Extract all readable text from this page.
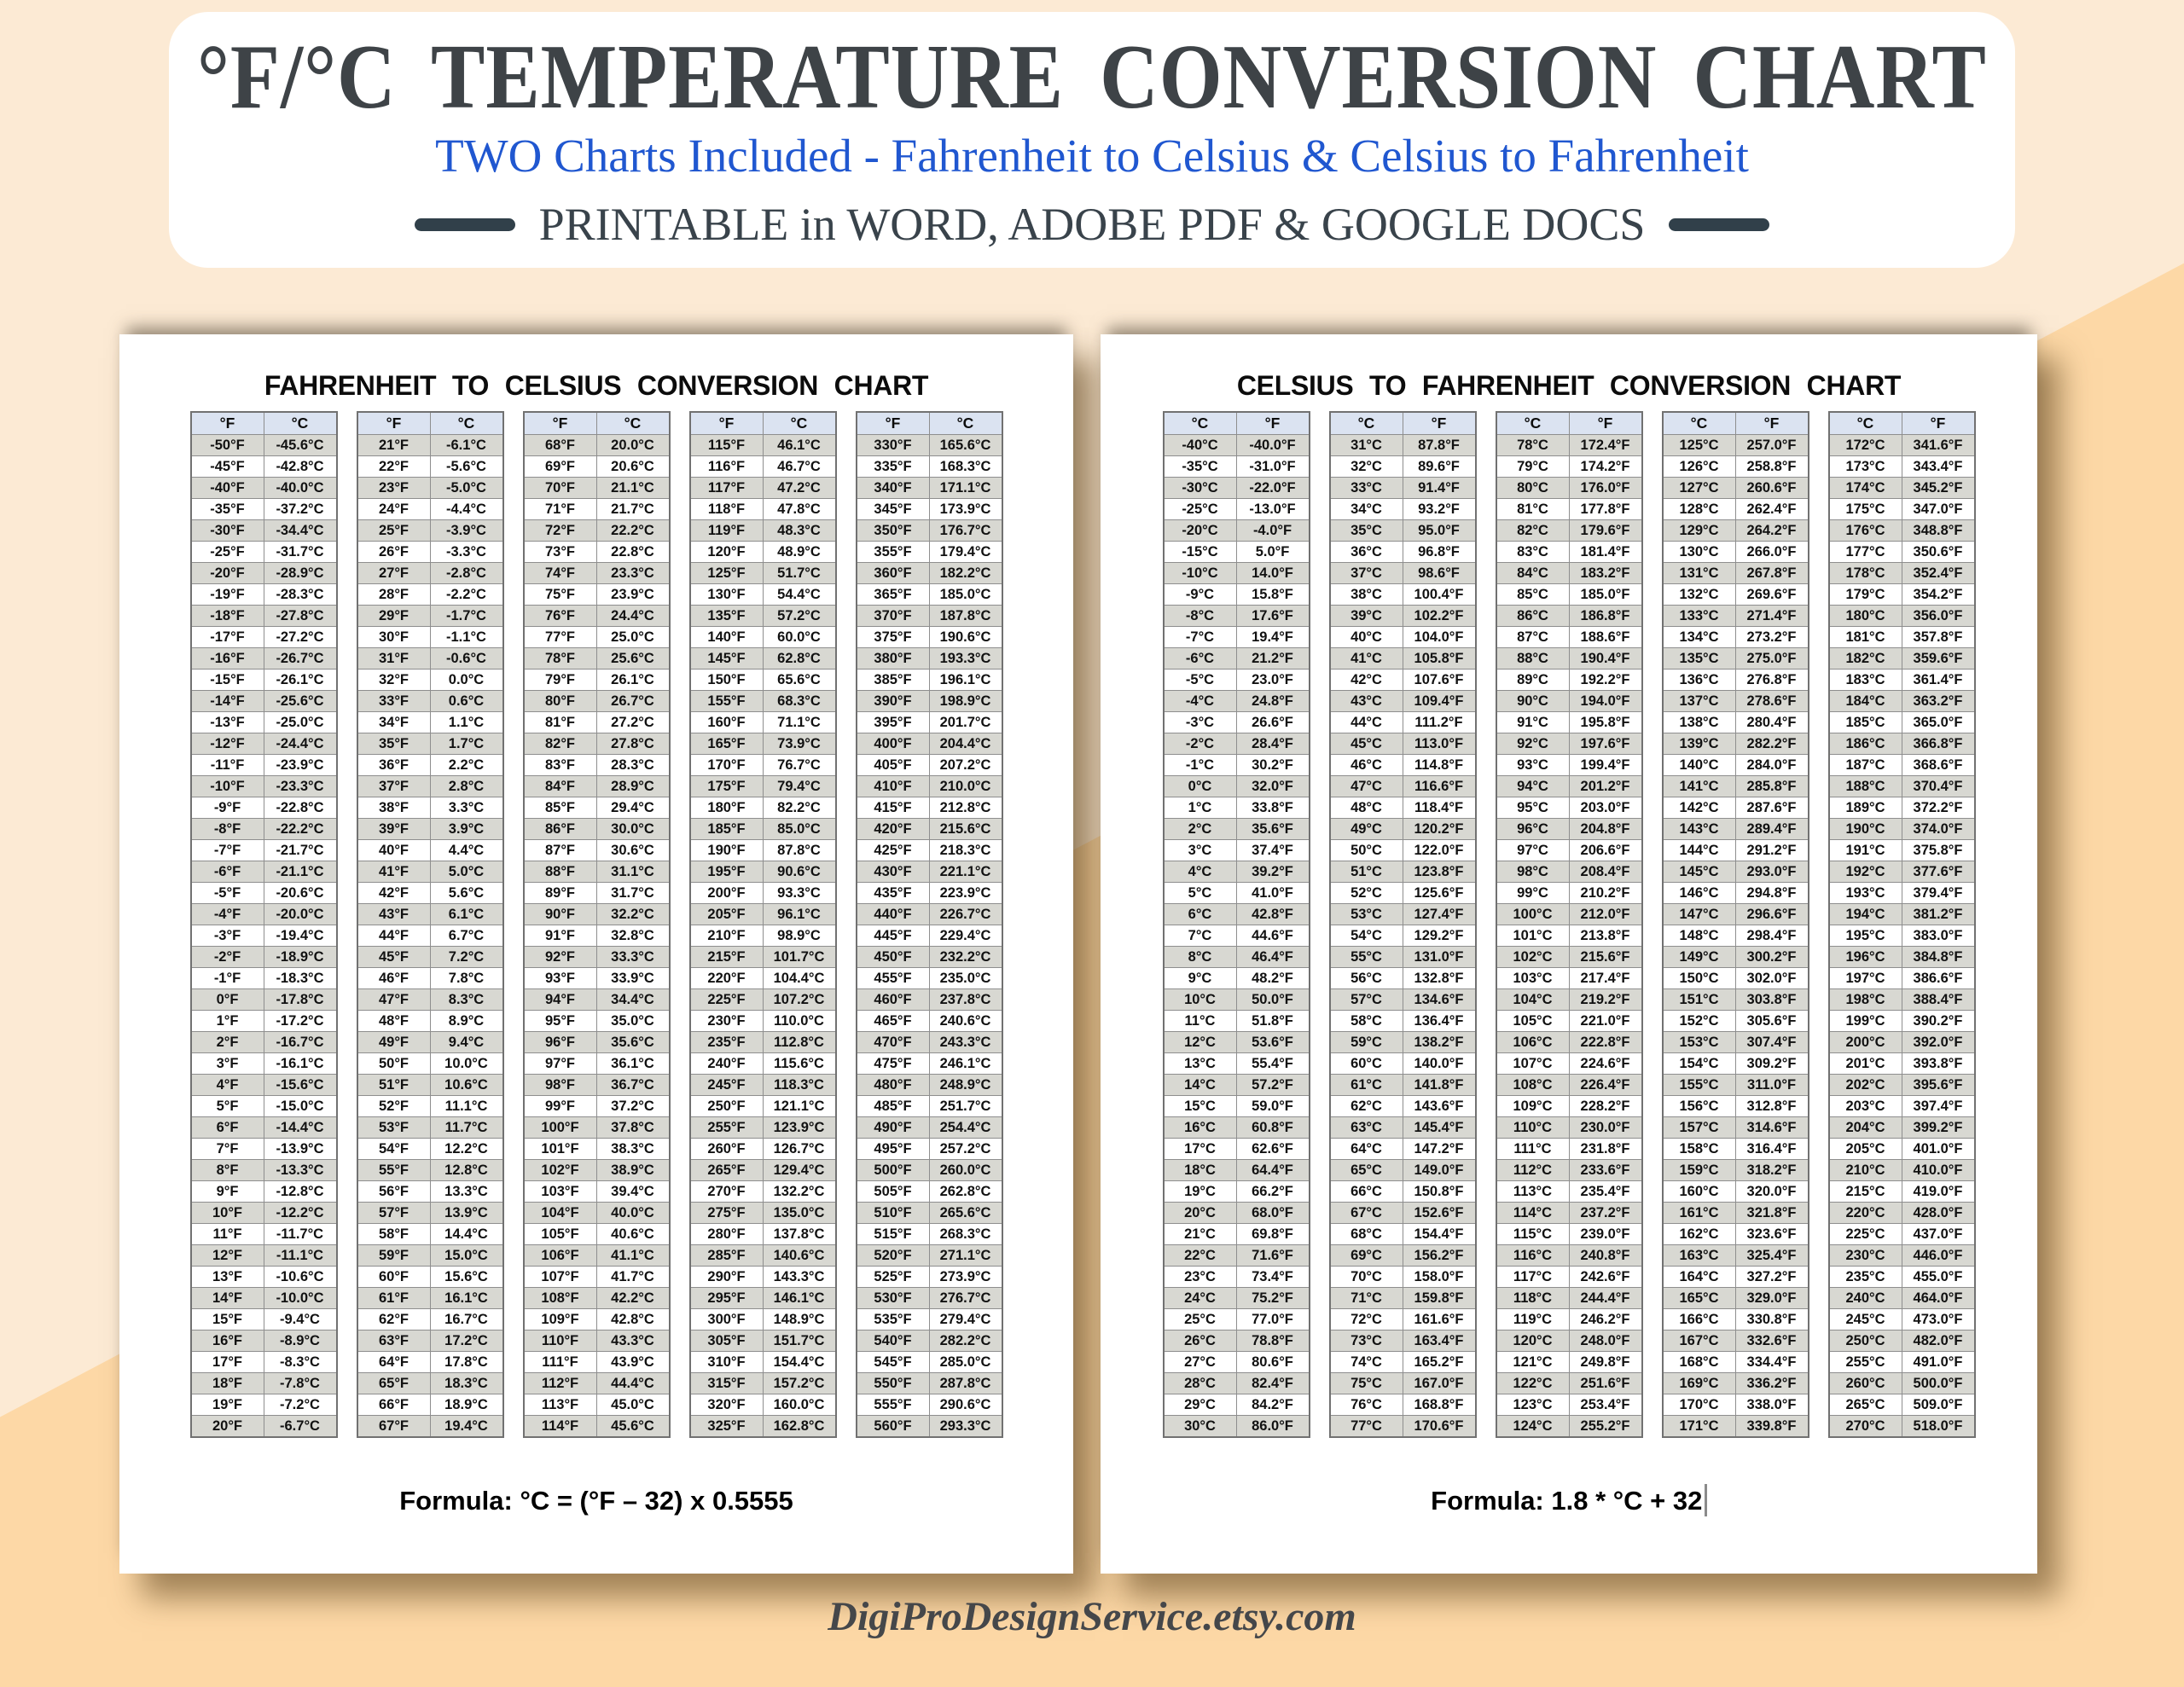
°F/°C TEMPERATURE CONVERSION CHART
TWO Charts Included - Fahrenheit to Celsius & Celsius to Fahrenheit
PRINTABLE in WORD, ADOBE PDF & GOOGLE DOCS
FAHRENHEIT TO CELSIUS CONVERSION CHART
°F	°C
-50°F	-45.6°C
-45°F	-42.8°C
-40°F	-40.0°C
-35°F	-37.2°C
-30°F	-34.4°C
-25°F	-31.7°C
-20°F	-28.9°C
-19°F	-28.3°C
-18°F	-27.8°C
-17°F	-27.2°C
-16°F	-26.7°C
-15°F	-26.1°C
-14°F	-25.6°C
-13°F	-25.0°C
-12°F	-24.4°C
-11°F	-23.9°C
-10°F	-23.3°C
-9°F	-22.8°C
-8°F	-22.2°C
-7°F	-21.7°C
-6°F	-21.1°C
-5°F	-20.6°C
-4°F	-20.0°C
-3°F	-19.4°C
-2°F	-18.9°C
-1°F	-18.3°C
0°F	-17.8°C
1°F	-17.2°C
2°F	-16.7°C
3°F	-16.1°C
4°F	-15.6°C
5°F	-15.0°C
6°F	-14.4°C
7°F	-13.9°C
8°F	-13.3°C
9°F	-12.8°C
10°F	-12.2°C
11°F	-11.7°C
12°F	-11.1°C
13°F	-10.6°C
14°F	-10.0°C
15°F	-9.4°C
16°F	-8.9°C
17°F	-8.3°C
18°F	-7.8°C
19°F	-7.2°C
20°F	-6.7°C
°F	°C
21°F	-6.1°C
22°F	-5.6°C
23°F	-5.0°C
24°F	-4.4°C
25°F	-3.9°C
26°F	-3.3°C
27°F	-2.8°C
28°F	-2.2°C
29°F	-1.7°C
30°F	-1.1°C
31°F	-0.6°C
32°F	0.0°C
33°F	0.6°C
34°F	1.1°C
35°F	1.7°C
36°F	2.2°C
37°F	2.8°C
38°F	3.3°C
39°F	3.9°C
40°F	4.4°C
41°F	5.0°C
42°F	5.6°C
43°F	6.1°C
44°F	6.7°C
45°F	7.2°C
46°F	7.8°C
47°F	8.3°C
48°F	8.9°C
49°F	9.4°C
50°F	10.0°C
51°F	10.6°C
52°F	11.1°C
53°F	11.7°C
54°F	12.2°C
55°F	12.8°C
56°F	13.3°C
57°F	13.9°C
58°F	14.4°C
59°F	15.0°C
60°F	15.6°C
61°F	16.1°C
62°F	16.7°C
63°F	17.2°C
64°F	17.8°C
65°F	18.3°C
66°F	18.9°C
67°F	19.4°C
°F	°C
68°F	20.0°C
69°F	20.6°C
70°F	21.1°C
71°F	21.7°C
72°F	22.2°C
73°F	22.8°C
74°F	23.3°C
75°F	23.9°C
76°F	24.4°C
77°F	25.0°C
78°F	25.6°C
79°F	26.1°C
80°F	26.7°C
81°F	27.2°C
82°F	27.8°C
83°F	28.3°C
84°F	28.9°C
85°F	29.4°C
86°F	30.0°C
87°F	30.6°C
88°F	31.1°C
89°F	31.7°C
90°F	32.2°C
91°F	32.8°C
92°F	33.3°C
93°F	33.9°C
94°F	34.4°C
95°F	35.0°C
96°F	35.6°C
97°F	36.1°C
98°F	36.7°C
99°F	37.2°C
100°F	37.8°C
101°F	38.3°C
102°F	38.9°C
103°F	39.4°C
104°F	40.0°C
105°F	40.6°C
106°F	41.1°C
107°F	41.7°C
108°F	42.2°C
109°F	42.8°C
110°F	43.3°C
111°F	43.9°C
112°F	44.4°C
113°F	45.0°C
114°F	45.6°C
°F	°C
115°F	46.1°C
116°F	46.7°C
117°F	47.2°C
118°F	47.8°C
119°F	48.3°C
120°F	48.9°C
125°F	51.7°C
130°F	54.4°C
135°F	57.2°C
140°F	60.0°C
145°F	62.8°C
150°F	65.6°C
155°F	68.3°C
160°F	71.1°C
165°F	73.9°C
170°F	76.7°C
175°F	79.4°C
180°F	82.2°C
185°F	85.0°C
190°F	87.8°C
195°F	90.6°C
200°F	93.3°C
205°F	96.1°C
210°F	98.9°C
215°F	101.7°C
220°F	104.4°C
225°F	107.2°C
230°F	110.0°C
235°F	112.8°C
240°F	115.6°C
245°F	118.3°C
250°F	121.1°C
255°F	123.9°C
260°F	126.7°C
265°F	129.4°C
270°F	132.2°C
275°F	135.0°C
280°F	137.8°C
285°F	140.6°C
290°F	143.3°C
295°F	146.1°C
300°F	148.9°C
305°F	151.7°C
310°F	154.4°C
315°F	157.2°C
320°F	160.0°C
325°F	162.8°C
°F	°C
330°F	165.6°C
335°F	168.3°C
340°F	171.1°C
345°F	173.9°C
350°F	176.7°C
355°F	179.4°C
360°F	182.2°C
365°F	185.0°C
370°F	187.8°C
375°F	190.6°C
380°F	193.3°C
385°F	196.1°C
390°F	198.9°C
395°F	201.7°C
400°F	204.4°C
405°F	207.2°C
410°F	210.0°C
415°F	212.8°C
420°F	215.6°C
425°F	218.3°C
430°F	221.1°C
435°F	223.9°C
440°F	226.7°C
445°F	229.4°C
450°F	232.2°C
455°F	235.0°C
460°F	237.8°C
465°F	240.6°C
470°F	243.3°C
475°F	246.1°C
480°F	248.9°C
485°F	251.7°C
490°F	254.4°C
495°F	257.2°C
500°F	260.0°C
505°F	262.8°C
510°F	265.6°C
515°F	268.3°C
520°F	271.1°C
525°F	273.9°C
530°F	276.7°C
535°F	279.4°C
540°F	282.2°C
545°F	285.0°C
550°F	287.8°C
555°F	290.6°C
560°F	293.3°C
Formula: °C = (°F – 32) x 0.5555
CELSIUS TO FAHRENHEIT CONVERSION CHART
°C	°F
-40°C	-40.0°F
-35°C	-31.0°F
-30°C	-22.0°F
-25°C	-13.0°F
-20°C	-4.0°F
-15°C	5.0°F
-10°C	14.0°F
-9°C	15.8°F
-8°C	17.6°F
-7°C	19.4°F
-6°C	21.2°F
-5°C	23.0°F
-4°C	24.8°F
-3°C	26.6°F
-2°C	28.4°F
-1°C	30.2°F
0°C	32.0°F
1°C	33.8°F
2°C	35.6°F
3°C	37.4°F
4°C	39.2°F
5°C	41.0°F
6°C	42.8°F
7°C	44.6°F
8°C	46.4°F
9°C	48.2°F
10°C	50.0°F
11°C	51.8°F
12°C	53.6°F
13°C	55.4°F
14°C	57.2°F
15°C	59.0°F
16°C	60.8°F
17°C	62.6°F
18°C	64.4°F
19°C	66.2°F
20°C	68.0°F
21°C	69.8°F
22°C	71.6°F
23°C	73.4°F
24°C	75.2°F
25°C	77.0°F
26°C	78.8°F
27°C	80.6°F
28°C	82.4°F
29°C	84.2°F
30°C	86.0°F
°C	°F
31°C	87.8°F
32°C	89.6°F
33°C	91.4°F
34°C	93.2°F
35°C	95.0°F
36°C	96.8°F
37°C	98.6°F
38°C	100.4°F
39°C	102.2°F
40°C	104.0°F
41°C	105.8°F
42°C	107.6°F
43°C	109.4°F
44°C	111.2°F
45°C	113.0°F
46°C	114.8°F
47°C	116.6°F
48°C	118.4°F
49°C	120.2°F
50°C	122.0°F
51°C	123.8°F
52°C	125.6°F
53°C	127.4°F
54°C	129.2°F
55°C	131.0°F
56°C	132.8°F
57°C	134.6°F
58°C	136.4°F
59°C	138.2°F
60°C	140.0°F
61°C	141.8°F
62°C	143.6°F
63°C	145.4°F
64°C	147.2°F
65°C	149.0°F
66°C	150.8°F
67°C	152.6°F
68°C	154.4°F
69°C	156.2°F
70°C	158.0°F
71°C	159.8°F
72°C	161.6°F
73°C	163.4°F
74°C	165.2°F
75°C	167.0°F
76°C	168.8°F
77°C	170.6°F
°C	°F
78°C	172.4°F
79°C	174.2°F
80°C	176.0°F
81°C	177.8°F
82°C	179.6°F
83°C	181.4°F
84°C	183.2°F
85°C	185.0°F
86°C	186.8°F
87°C	188.6°F
88°C	190.4°F
89°C	192.2°F
90°C	194.0°F
91°C	195.8°F
92°C	197.6°F
93°C	199.4°F
94°C	201.2°F
95°C	203.0°F
96°C	204.8°F
97°C	206.6°F
98°C	208.4°F
99°C	210.2°F
100°C	212.0°F
101°C	213.8°F
102°C	215.6°F
103°C	217.4°F
104°C	219.2°F
105°C	221.0°F
106°C	222.8°F
107°C	224.6°F
108°C	226.4°F
109°C	228.2°F
110°C	230.0°F
111°C	231.8°F
112°C	233.6°F
113°C	235.4°F
114°C	237.2°F
115°C	239.0°F
116°C	240.8°F
117°C	242.6°F
118°C	244.4°F
119°C	246.2°F
120°C	248.0°F
121°C	249.8°F
122°C	251.6°F
123°C	253.4°F
124°C	255.2°F
°C	°F
125°C	257.0°F
126°C	258.8°F
127°C	260.6°F
128°C	262.4°F
129°C	264.2°F
130°C	266.0°F
131°C	267.8°F
132°C	269.6°F
133°C	271.4°F
134°C	273.2°F
135°C	275.0°F
136°C	276.8°F
137°C	278.6°F
138°C	280.4°F
139°C	282.2°F
140°C	284.0°F
141°C	285.8°F
142°C	287.6°F
143°C	289.4°F
144°C	291.2°F
145°C	293.0°F
146°C	294.8°F
147°C	296.6°F
148°C	298.4°F
149°C	300.2°F
150°C	302.0°F
151°C	303.8°F
152°C	305.6°F
153°C	307.4°F
154°C	309.2°F
155°C	311.0°F
156°C	312.8°F
157°C	314.6°F
158°C	316.4°F
159°C	318.2°F
160°C	320.0°F
161°C	321.8°F
162°C	323.6°F
163°C	325.4°F
164°C	327.2°F
165°C	329.0°F
166°C	330.8°F
167°C	332.6°F
168°C	334.4°F
169°C	336.2°F
170°C	338.0°F
171°C	339.8°F
°C	°F
172°C	341.6°F
173°C	343.4°F
174°C	345.2°F
175°C	347.0°F
176°C	348.8°F
177°C	350.6°F
178°C	352.4°F
179°C	354.2°F
180°C	356.0°F
181°C	357.8°F
182°C	359.6°F
183°C	361.4°F
184°C	363.2°F
185°C	365.0°F
186°C	366.8°F
187°C	368.6°F
188°C	370.4°F
189°C	372.2°F
190°C	374.0°F
191°C	375.8°F
192°C	377.6°F
193°C	379.4°F
194°C	381.2°F
195°C	383.0°F
196°C	384.8°F
197°C	386.6°F
198°C	388.4°F
199°C	390.2°F
200°C	392.0°F
201°C	393.8°F
202°C	395.6°F
203°C	397.4°F
204°C	399.2°F
205°C	401.0°F
210°C	410.0°F
215°C	419.0°F
220°C	428.0°F
225°C	437.0°F
230°C	446.0°F
235°C	455.0°F
240°C	464.0°F
245°C	473.0°F
250°C	482.0°F
255°C	491.0°F
260°C	500.0°F
265°C	509.0°F
270°C	518.0°F
Formula: 1.8 * °C + 32
DigiProDesignService.etsy.com
